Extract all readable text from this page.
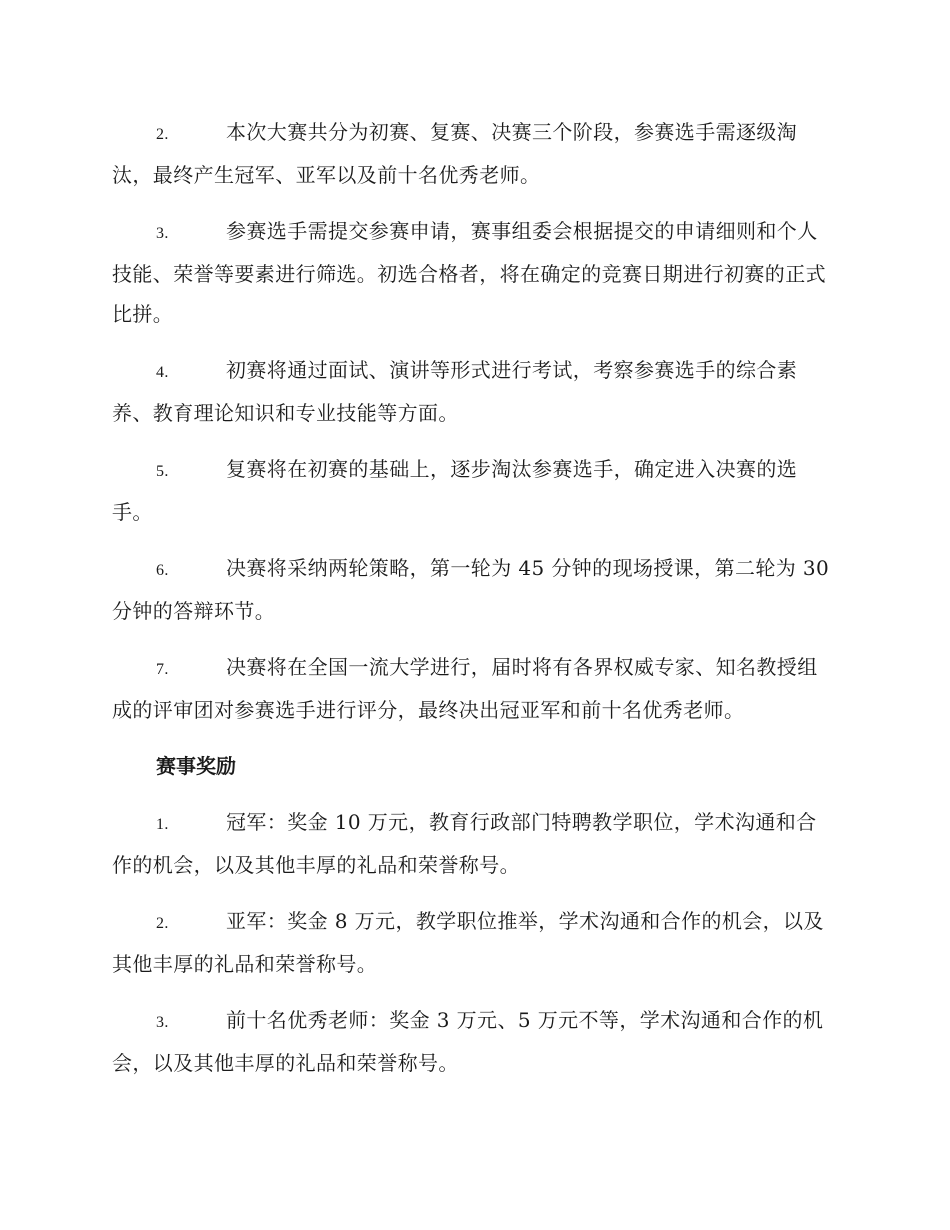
2.	本次大赛共分为初赛、复赛、决赛三个阶段，参赛选手需逐级淘汰，最终产生冠军、亚军以及前十名优秀老师。

3.	参赛选手需提交参赛申请，赛事组委会根据提交的申请细则和个人技能、荣誉等要素进行筛选。初选合格者，将在确定的竞赛日期进行初赛的正式比拼。

4.	初赛将通过面试、演讲等形式进行考试，考察参赛选手的综合素养、教育理论知识和专业技能等方面。

5.	复赛将在初赛的基础上，逐步淘汰参赛选手，确定进入决赛的选手。

6.	决赛将采纳两轮策略，第一轮为 45 分钟的现场授课，第二轮为 30 分钟的答辩环节。

7.	决赛将在全国一流大学进行，届时将有各界权威专家、知名教授组成的评审团对参赛选手进行评分，最终决出冠亚军和前十名优秀老师。

赛事奖励

1.	冠军：奖金 10 万元，教育行政部门特聘教学职位，学术沟通和合作的机会，以及其他丰厚的礼品和荣誉称号。

2.	亚军：奖金 8 万元，教学职位推举，学术沟通和合作的机会，以及其他丰厚的礼品和荣誉称号。

3.	前十名优秀老师：奖金 3 万元、5 万元不等，学术沟通和合作的机会，以及其他丰厚的礼品和荣誉称号。
